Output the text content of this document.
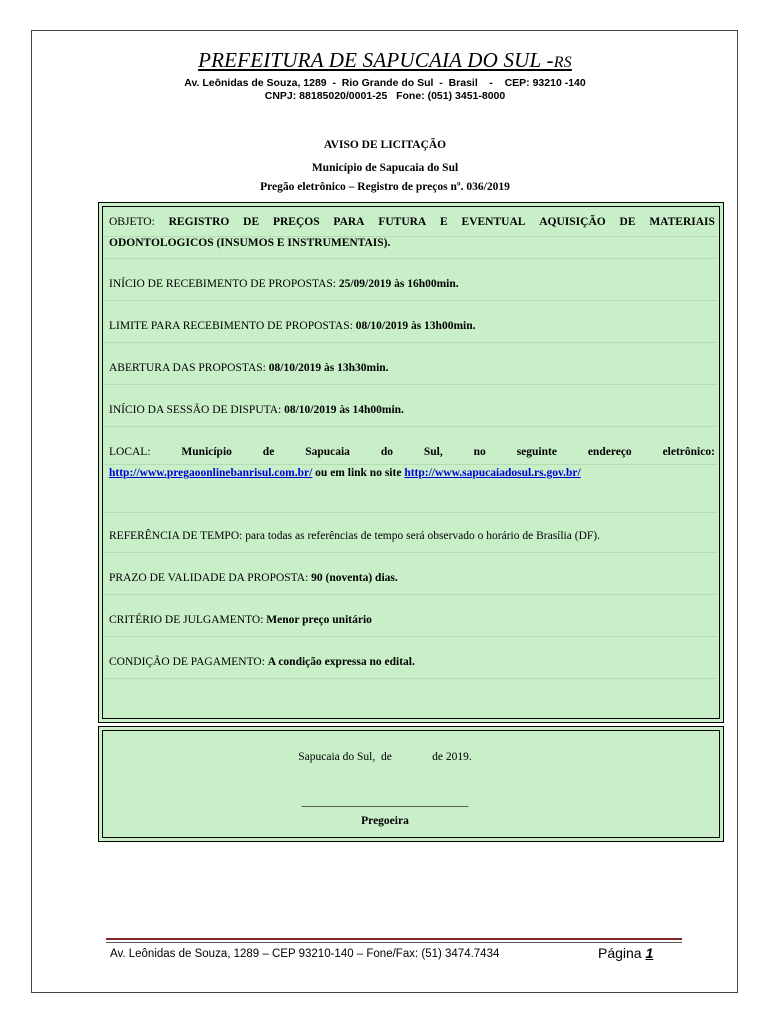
PREFEITURA DE SAPUCAIA DO SUL -RS
Av. Leônidas de Souza, 1289  -  Rio Grande do Sul  -  Brasil    -    CEP: 93210 -140
CNPJ: 88185020/0001-25   Fone: (051) 3451-8000
AVISO DE LICITAÇÃO
Município de Sapucaia do Sul
Pregão eletrônico – Registro de preços nº. 036/2019
OBJETO: REGISTRO DE PREÇOS PARA FUTURA E EVENTUAL AQUISIÇÃO DE MATERIAIS
ODONTOLOGICOS (INSUMOS E INSTRUMENTAIS).
INÍCIO DE RECEBIMENTO DE PROPOSTAS: 25/09/2019 às 16h00min.
LIMITE PARA RECEBIMENTO DE PROPOSTAS: 08/10/2019 às 13h00min.
ABERTURA DAS PROPOSTAS: 08/10/2019 às 13h30min.
INÍCIO DA SESSÃO DE DISPUTA: 08/10/2019 às 14h00min.
LOCAL:	Município	de	Sapucaia	do	Sul,	no	seguinte	endereço	eletrônico:
http://www.pregaoonlinebanrisul.com.br/ ou em link no site http://www.sapucaiadosul.rs.gov.br/
REFERÊNCIA DE TEMPO: para todas as referências de tempo será observado o horário de Brasília (DF).
PRAZO DE VALIDADE DA PROPOSTA: 90 (noventa) dias.
CRITÉRIO DE JULGAMENTO: Menor preço unitário
CONDIÇÃO DE PAGAMENTO: A condição expressa no edital.
Sapucaia do Sul,  de              de 2019.
_____________________________
Pregoeira
Av. Leônidas de Souza, 1289 – CEP 93210-140 – Fone/Fax: (51) 3474.7434	Página 1
